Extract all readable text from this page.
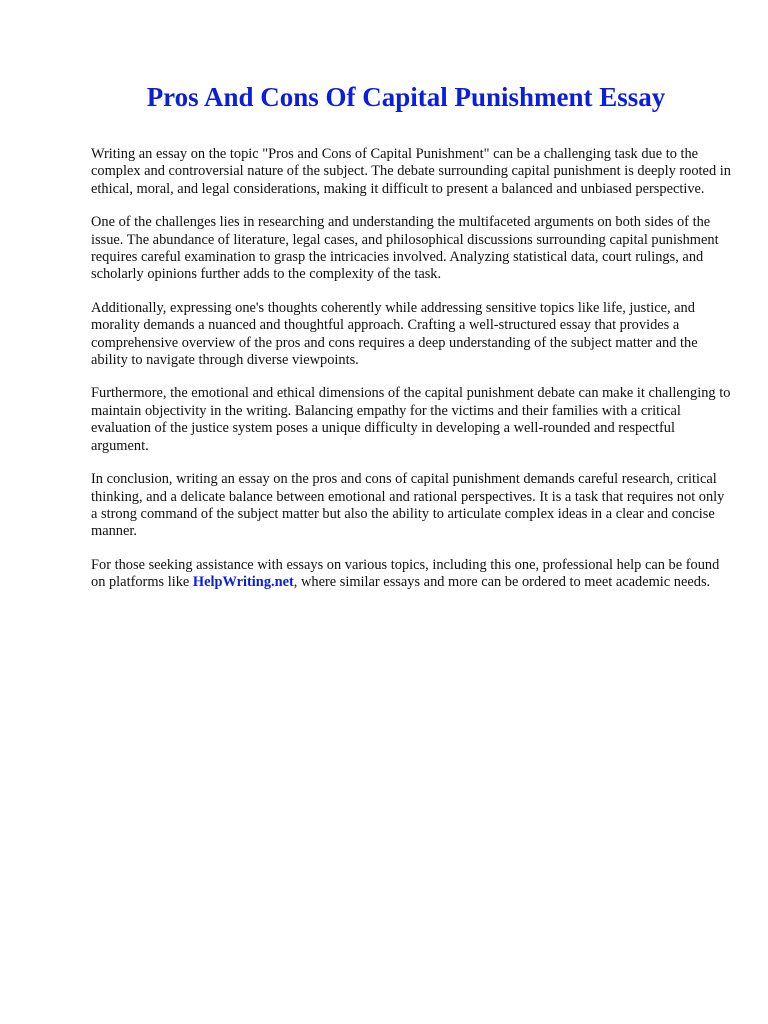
Pros And Cons Of Capital Punishment Essay

Writing an essay on the topic "Pros and Cons of Capital Punishment" can be a challenging task due to the complex and controversial nature of the subject. The debate surrounding capital punishment is deeply rooted in ethical, moral, and legal considerations, making it difficult to present a balanced and unbiased perspective.

One of the challenges lies in researching and understanding the multifaceted arguments on both sides of the issue. The abundance of literature, legal cases, and philosophical discussions surrounding capital punishment requires careful examination to grasp the intricacies involved. Analyzing statistical data, court rulings, and scholarly opinions further adds to the complexity of the task.

Additionally, expressing one's thoughts coherently while addressing sensitive topics like life, justice, and morality demands a nuanced and thoughtful approach. Crafting a well-structured essay that provides a comprehensive overview of the pros and cons requires a deep understanding of the subject matter and the ability to navigate through diverse viewpoints.

Furthermore, the emotional and ethical dimensions of the capital punishment debate can make it challenging to maintain objectivity in the writing. Balancing empathy for the victims and their families with a critical evaluation of the justice system poses a unique difficulty in developing a well-rounded and respectful argument.

In conclusion, writing an essay on the pros and cons of capital punishment demands careful research, critical thinking, and a delicate balance between emotional and rational perspectives. It is a task that requires not only a strong command of the subject matter but also the ability to articulate complex ideas in a clear and concise manner.

For those seeking assistance with essays on various topics, including this one, professional help can be found on platforms like HelpWriting.net, where similar essays and more can be ordered to meet academic needs.
